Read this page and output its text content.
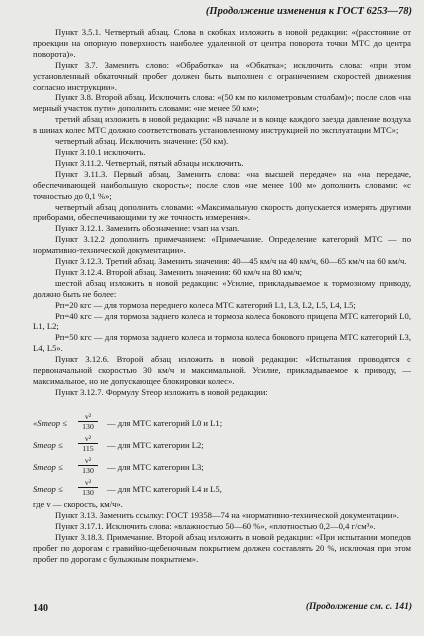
(Продолжение изменения к ГОСТ 6253—78)

Пункт 3.5.1. Четвертый абзац. Слова в скобках изложить в новой редакции: «(расстояние от проекции на опорную поверхность наиболее удаленной от центра поворота точки МТС до центра поворота)».

Пункт 3.7. Заменить слово: «Обработка» на «Обкатка»; исключить слова: «при этом установленный обкаточный пробег должен быть выполнен с ограничением скоростей движения согласно инструкции».

Пункт 3.8. Второй абзац. Исключить слова: «(50 км по километровым столбам)»; после слов «на мерный участок пути» дополнить словами: «не менее 50 км»;

третий абзац изложить в новой редакции: «В начале и в конце каждого заезда давление воздуха в шинах колес МТС должно соответствовать установленному инструкцией по эксплуатации МТС»;

четвертый абзац. Исключить значение: (50 км).

Пункт 3.10.1 исключить.

Пункт 3.11.2. Четвертый, пятый абзацы исключить.

Пункт 3.11.3. Первый абзац. Заменить слова: «на высшей передаче» на «на передаче, обеспечивающей наибольшую скорость»; после слов «не менее 100 м» дополнить словами: «с точностью до 0,1 %»;

четвертый абзац дополнить словами: «Максимальную скорость допускается измерять другими приборами, обеспечивающими ту же точность измерения».

Пункт 3.12.1. Заменить обозначение: vзап на vзап.

Пункт 3.12.2 дополнить примечанием: «Примечание. Определение категорий МТС — по нормативно-технической документации».

Пункт 3.12.3. Третий абзац. Заменить значения: 40—45 км/ч на 40 км/ч, 60—65 км/ч на 60 км/ч.

Пункт 3.12.4. Второй абзац. Заменить значения: 60 км/ч на 80 км/ч;

шестой абзац изложить в новой редакции: «Усилие, прикладываемое к тормозному приводу, должно быть не более:

Pп=20 кгс — для тормоза переднего колеса МТС категорий L1, L3, L2, L5, L4, L5;

Pп=40 кгс — для тормоза заднего колеса и тормоза колеса бокового прицепа МТС категорий L0, L1, L2;

Pп=50 кгс — для тормоза заднего колеса и тормоза колеса бокового прицепа МТС категорий L3, L4, L5».

Пункт 3.12.6. Второй абзац изложить в новой редакции: «Испытания проводятся с первоначальной скоростью 30 км/ч и максимальной. Усилие, прикладываемое к приводу, — максимальное, но не допускающее блокировки колес».

Пункт 3.12.7. Формулу Sтеор изложить в новой редакции:

«Sтеор ≤ $\frac{\text{v²}}{130}$ — для МТС категорий L0 и L1;
Sтеор ≤ $\frac{\text{v²}}{115}$ — для МТС категории L2;
Sтеор ≤ $\frac{\text{v²}}{130}$ — для МТС категории L3;
Sтеор ≤ $\frac{\text{v²}}{130}$ — для МТС категорий L4 и L5,

где v — скорость, км/ч».

Пункт 3.13. Заменить ссылку: ГОСТ 19358—74 на «нормативно-технической документации».

Пункт 3.17.1. Исключить слова: «влажностью 50—60 %», «плотностью 0,2—0,4 г/см³».

Пункт 3.18.3. Примечание. Второй абзац изложить в новой редакции: «При испытании мопедов пробег по дорогам с гравийно-щебеночным покрытием должен составлять 20 %, исключая при этом пробег по дорогам с булыжным покрытием».

140	(Продолжение см. с. 141)
